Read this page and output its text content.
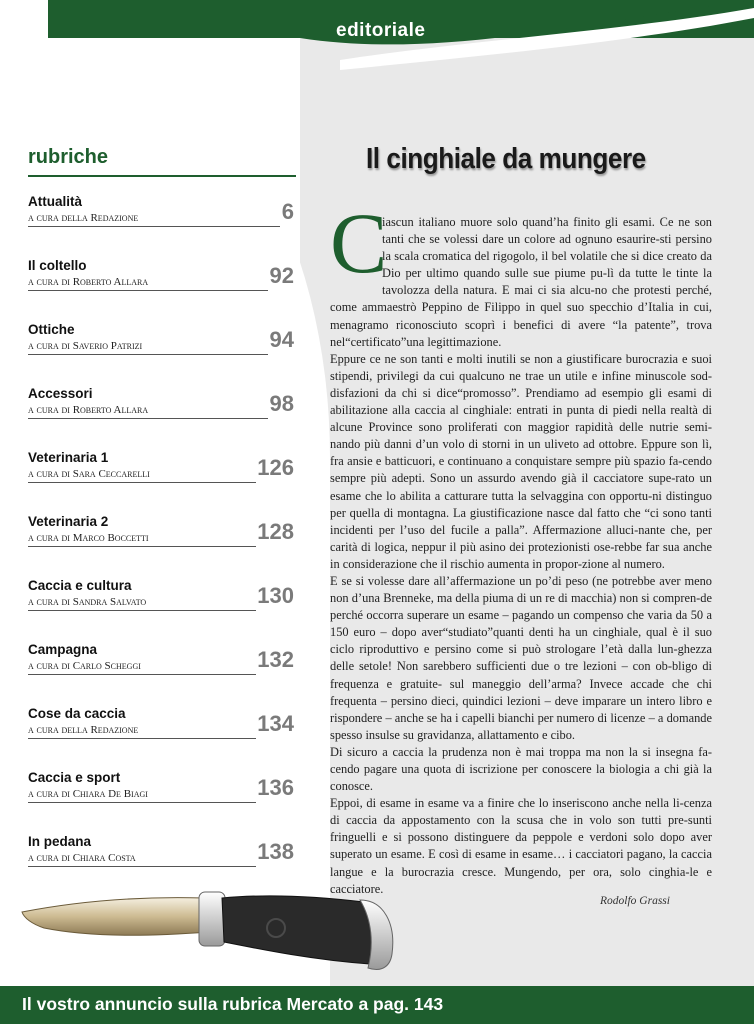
editoriale
rubriche
Attualità
a cura della Redazione	6
Il coltello
a cura di Roberto Allara	92
Ottiche
a cura di Saverio Patrizi	94
Accessori
a cura di Roberto Allara	98
Veterinaria 1
a cura di Sara Ceccarelli	126
Veterinaria 2
a cura di Marco Boccetti	128
Caccia e cultura
a cura di Sandra Salvato	130
Campagna
a cura di Carlo Scheggi	132
Cose da caccia
a cura della Redazione	134
Caccia e sport
a cura di Chiara De Biagi	136
In pedana
a cura di Chiara Costa	138
Il cinghiale da mungere
C

iascun italiano muore solo quand’ha finito gli esami. Ce ne son tanti che se volessi dare un colore ad ognuno esaurire-sti persino la scala cromatica del rigogolo, il bel volatile che si dice creato da Dio per ultimo quando sulle sue piume pu-lì da tutte le tinte la tavolozza della natura. E mai ci sia alcu-no che protesti perché, come ammaestrò Peppino de Filippo in quel suo specchio d’Italia in cui, menagramo riconosciuto scoprì i benefici di avere “la patente”, trova nel“certificato”una legittimazione.

Eppure ce ne son tanti e molti inutili se non a giustificare burocrazia e suoi stipendi, privilegi da cui qualcuno ne trae un utile e infine minuscole sod-disfazioni da chi si dice“promosso”. Prendiamo ad esempio gli esami di abilitazione alla caccia al cinghiale: entrati in punta di piedi nella realtà di alcune Province sono proliferati con maggior rapidità delle nutrie semi-nando più danni d’un volo di storni in un uliveto ad ottobre. Eppure son lì, fra ansie e batticuori, e continuano a conquistare sempre più spazio fa-cendo sempre più adepti. Sono un assurdo avendo già il cacciatore supe-rato un esame che lo abilita a catturare tutta la selvaggina con opportu-ni distinguo per quella di montagna. La giustificazione nasce dal fatto che “ci sono tanti incidenti per l’uso del fucile a palla”. Affermazione alluci-nante che, per carità di logica, neppur il più asino dei protezionisti ose-rebbe far sua anche in considerazione che il rischio aumenta in propor-zione al numero.

E se si volesse dare all’affermazione un po’di peso (ne potrebbe aver meno non d’una Brenneke, ma della piuma di un re di macchia) non si compren-de perché occorra superare un esame – pagando un compenso che varia da 50 a 150 euro – dopo aver“studiato”quanti denti ha un cinghiale, qual è il suo ciclo riproduttivo e persino come si può strologare l’età dalla lun-ghezza delle setole! Non sarebbero sufficienti due o tre lezioni – con ob-bligo di frequenza e gratuite- sul maneggio dell’arma? Invece accade che chi frequenta – persino dieci, quindici lezioni – deve imparare un intero libro e rispondere – anche se ha i capelli bianchi per numero di licenze – a domande spesso insulse su gravidanza, allattamento e cibo.

Di sicuro a caccia la prudenza non è mai troppa ma non la si insegna fa-cendo pagare una quota di iscrizione per conoscere la biologia a chi già la conosce.

Eppoi, di esame in esame va a finire che lo inseriscono anche nella li-cenza di caccia da appostamento con la scusa che in volo son tutti pre-sunti fringuelli e si possono distinguere da peppole e verdoni solo dopo aver superato un esame. E così di esame in esame… i cacciatori pagano, la caccia langue e la burocrazia cresce. Mungendo, per ora, solo cinghia-le e cacciatore.

Rodolfo Grassi
Il vostro annuncio sulla rubrica Mercato a pag. 143
